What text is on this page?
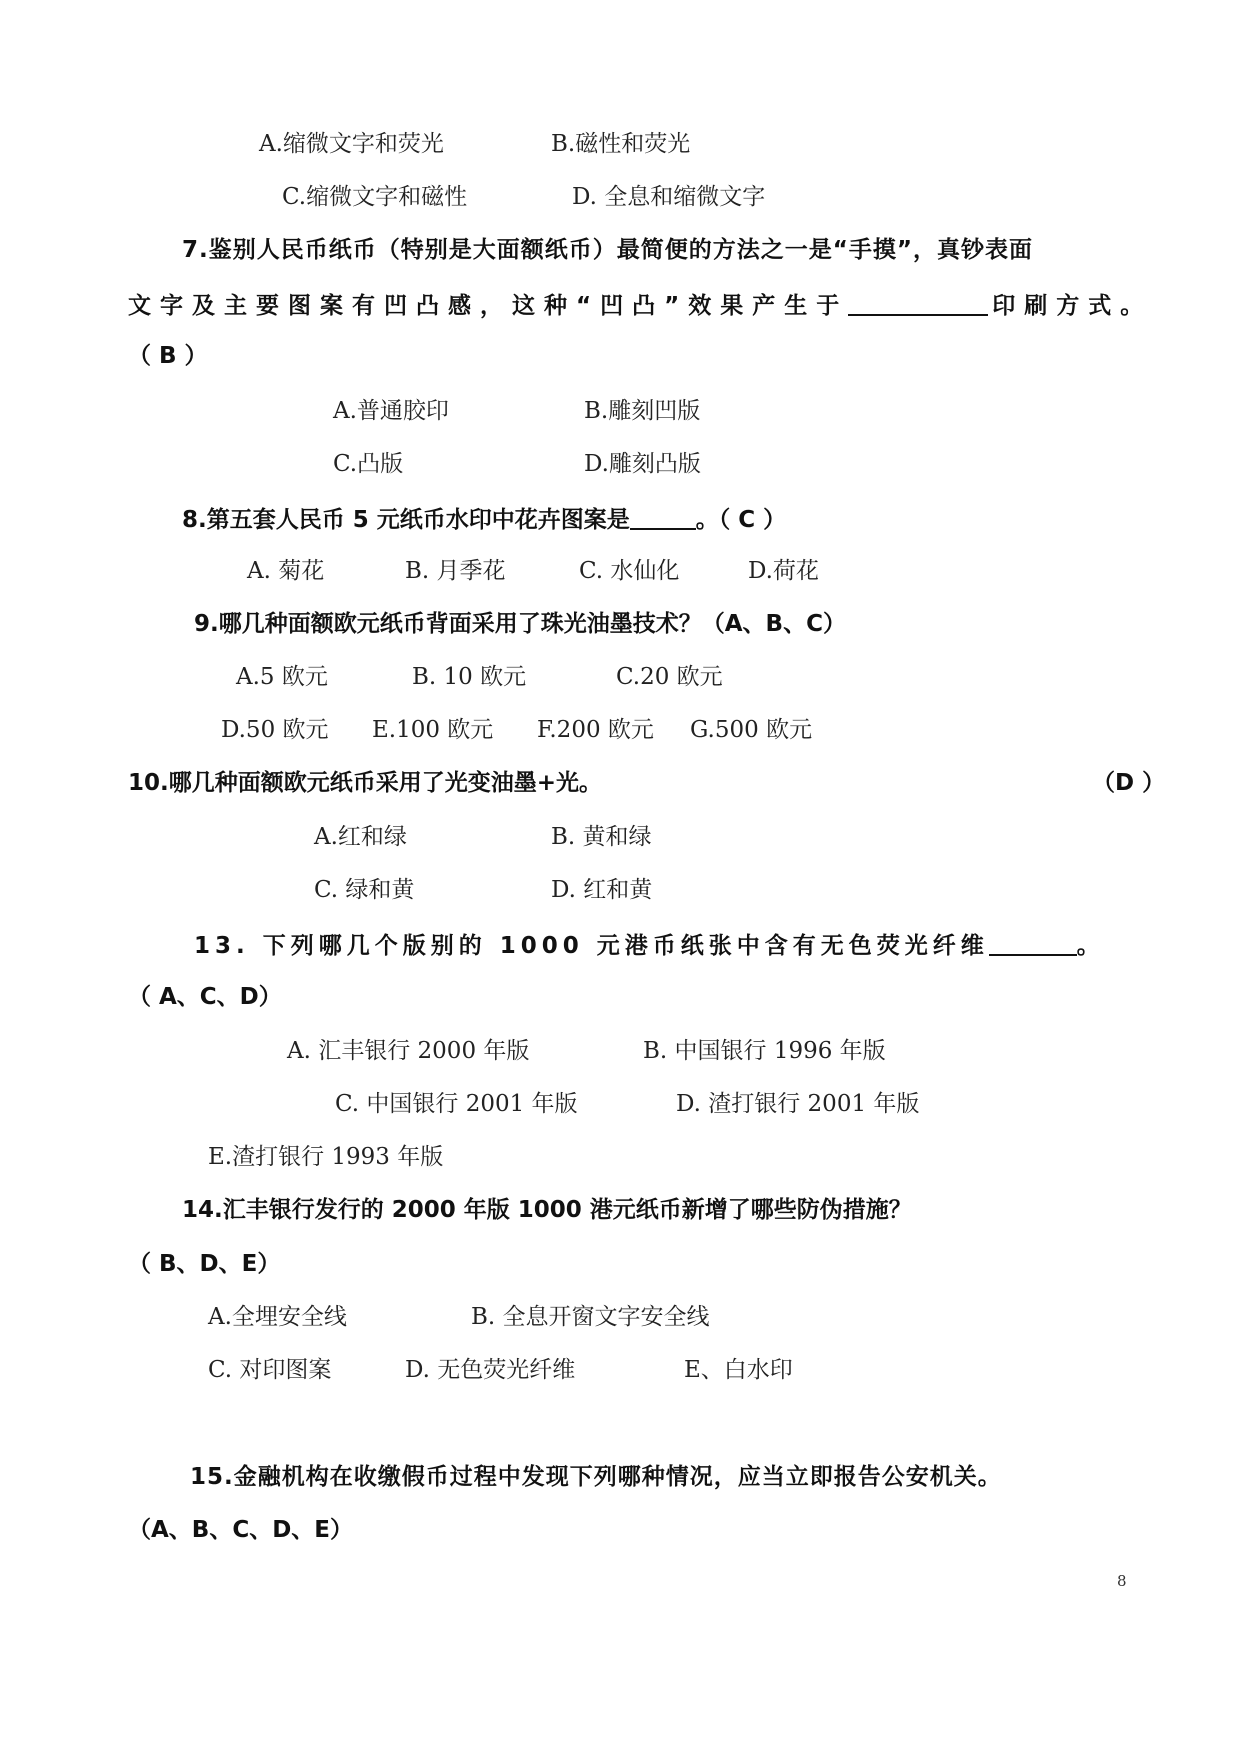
A.缩微文字和荧光	B.磁性和荧光
C.缩微文字和磁性	D. 全息和缩微文字
7.鉴别人民币纸币（特别是大面额纸币）最简便的方法之一是“手摸”，真钞表面
文字及主要图案有凹凸感，这种“凹凸”效果产生于	印刷方式。
（ B ）
A.普通胶印	B.雕刻凹版
C.凸版	D.雕刻凸版
8.第五套人民币 5 元纸币水印中花卉图案是	。（ C ）
A. 菊花	B. 月季花	C. 水仙化	D.荷花
9.哪几种面额欧元纸币背面采用了珠光油墨技术？（A、B、C）
A.5 欧元	B. 10 欧元	C.20 欧元
D.50 欧元 E.100 欧元 F.200 欧元 G.500 欧元
10.哪几种面额欧元纸币采用了光变油墨+光。	（D ）
A.红和绿	B. 黄和绿
C. 绿和黄	D. 红和黄
13. 下列哪几个版别的 1000 元港币纸张中含有无色荧光纤维	。
（ A、C、D）
A. 汇丰银行 2000 年版	B. 中国银行 1996 年版
C. 中国银行 2001 年版	D. 渣打银行 2001 年版
E.渣打银行 1993 年版
14.汇丰银行发行的 2000 年版 1000 港元纸币新增了哪些防伪措施？
（ B、D、E）
A.全埋安全线	B. 全息开窗文字安全线
C. 对印图案	D. 无色荧光纤维	E、白水印
15.金融机构在收缴假币过程中发现下列哪种情况，应当立即报告公安机关。
（A、B、C、D、E）
8
